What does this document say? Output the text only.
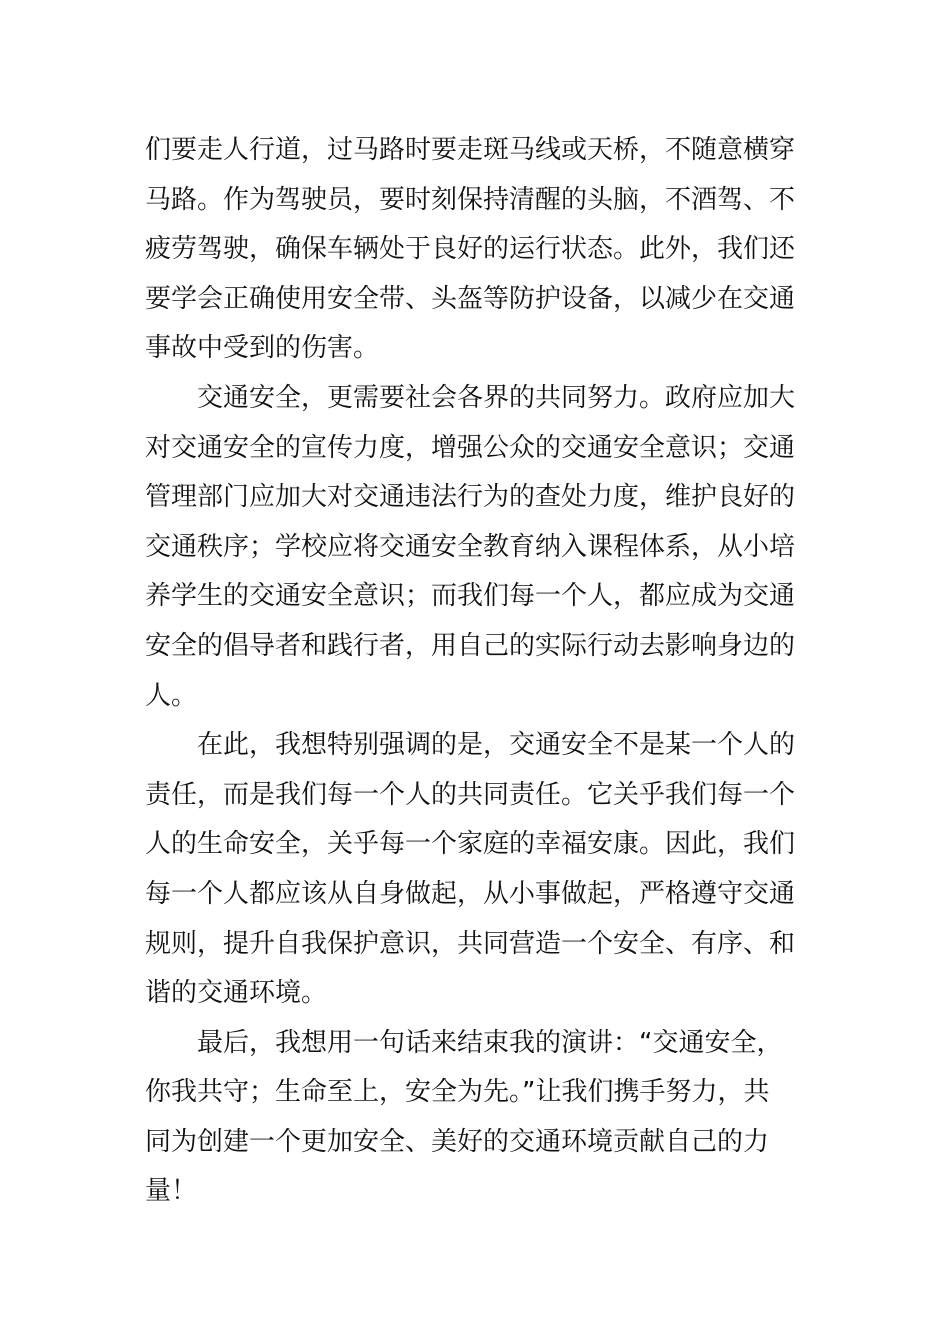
们要走人行道，过马路时要走斑马线或天桥，不随意横穿
马路。作为驾驶员，要时刻保持清醒的头脑，不酒驾、不
疲劳驾驶，确保车辆处于良好的运行状态。此外，我们还
要学会正确使用安全带、头盔等防护设备，以减少在交通
事故中受到的伤害。
交通安全，更需要社会各界的共同努力。政府应加大
对交通安全的宣传力度，增强公众的交通安全意识；交通
管理部门应加大对交通违法行为的查处力度，维护良好的
交通秩序；学校应将交通安全教育纳入课程体系，从小培
养学生的交通安全意识；而我们每一个人，都应成为交通
安全的倡导者和践行者，用自己的实际行动去影响身边的
人。
在此，我想特别强调的是，交通安全不是某一个人的
责任，而是我们每一个人的共同责任。它关乎我们每一个
人的生命安全，关乎每一个家庭的幸福安康。因此，我们
每一个人都应该从自身做起，从小事做起，严格遵守交通
规则，提升自我保护意识，共同营造一个安全、有序、和
谐的交通环境。
最后，我想用一句话来结束我的演讲：“交通安全，
你我共守；生命至上，安全为先。”让我们携手努力，共
同为创建一个更加安全、美好的交通环境贡献自己的力
量！
